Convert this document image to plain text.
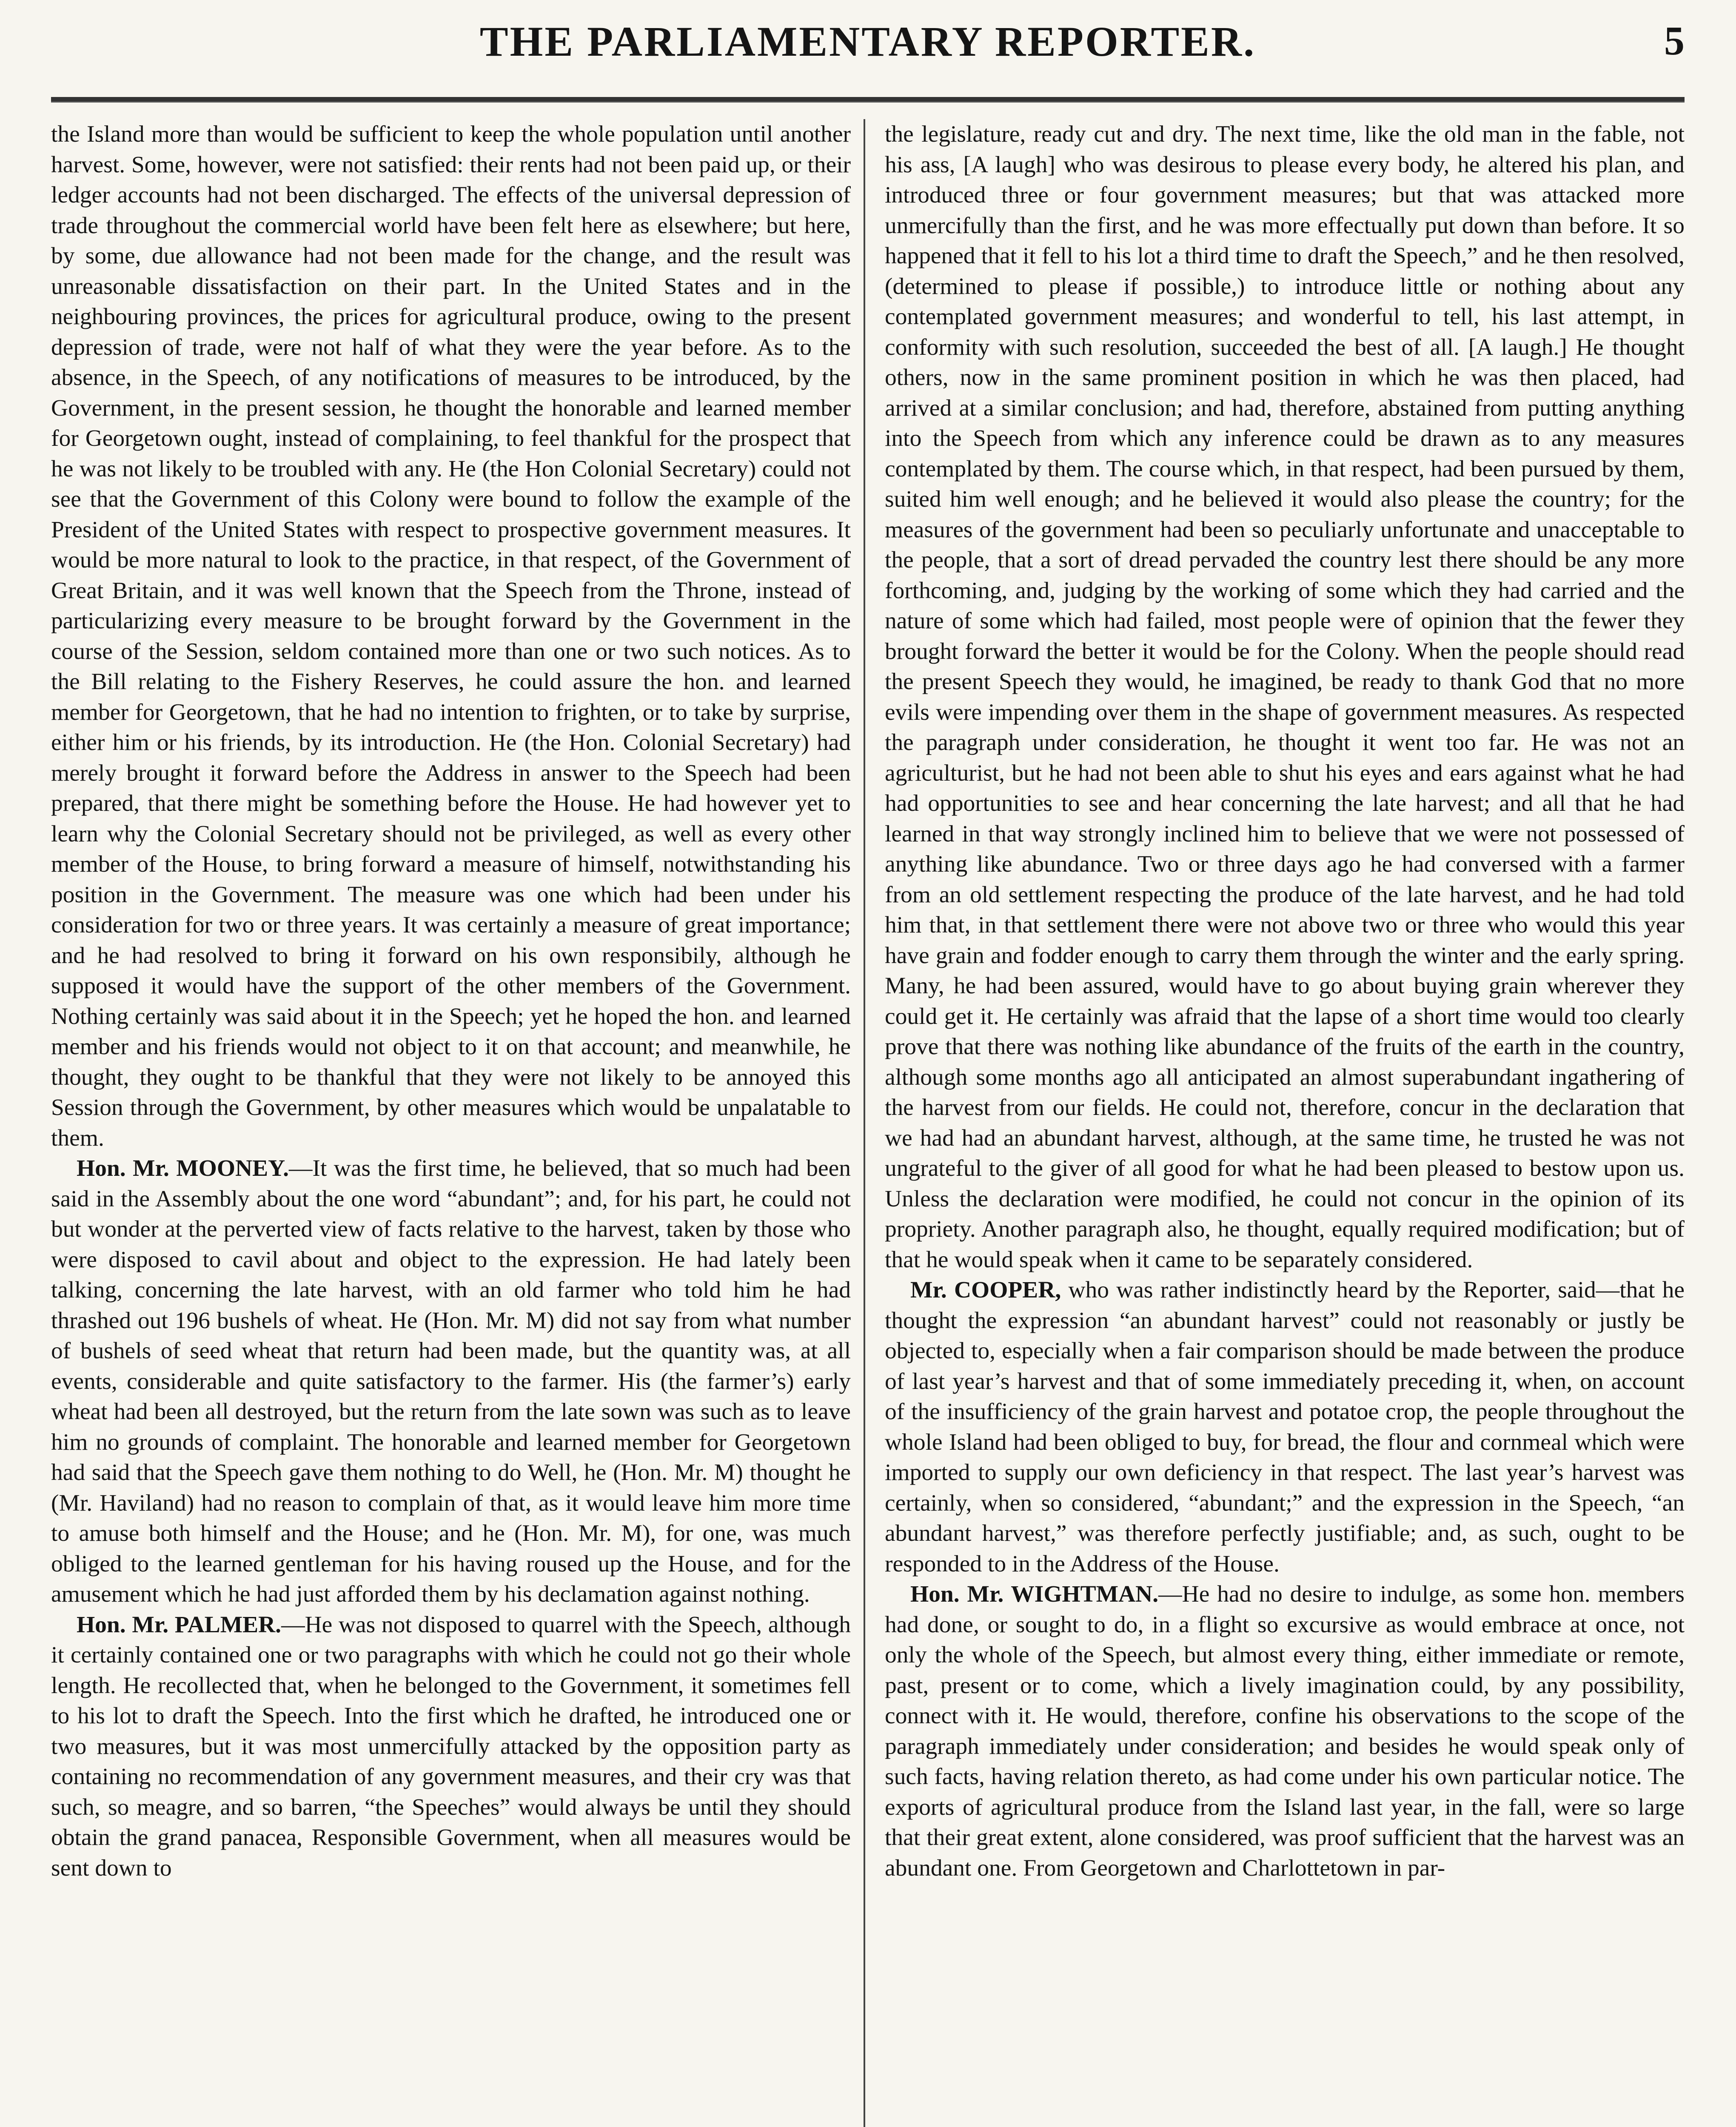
THE PARLIAMENTARY REPORTER.	5

the Island more than would be sufficient to keep the whole population until another harvest. Some, however, were not satisfied: their rents had not been paid up, or their ledger accounts had not been discharged. The effects of the universal depression of trade throughout the commercial world have been felt here as elsewhere; but here, by some, due allowance had not been made for the change, and the result was unreasonable dissatisfaction on their part. In the United States and in the neighbouring provinces, the prices for agricultural produce, owing to the present depression of trade, were not half of what they were the year before. As to the absence, in the Speech, of any notifications of measures to be introduced, by the Government, in the present session, he thought the honorable and learned member for Georgetown ought, instead of complaining, to feel thankful for the prospect that he was not likely to be troubled with any. He (the Hon Colonial Secretary) could not see that the Government of this Colony were bound to follow the example of the President of the United States with respect to prospective government measures. It would be more natural to look to the practice, in that respect, of the Government of Great Britain, and it was well known that the Speech from the Throne, instead of particularizing every measure to be brought forward by the Government in the course of the Session, seldom contained more than one or two such notices. As to the Bill relating to the Fishery Reserves, he could assure the hon. and learned member for Georgetown, that he had no intention to frighten, or to take by surprise, either him or his friends, by its introduction. He (the Hon. Colonial Secretary) had merely brought it forward before the Address in answer to the Speech had been prepared, that there might be something before the House. He had however yet to learn why the Colonial Secretary should not be privileged, as well as every other member of the House, to bring forward a measure of himself, notwithstanding his position in the Government. The measure was one which had been under his consideration for two or three years. It was certainly a measure of great importance; and he had resolved to bring it forward on his own responsibily, although he supposed it would have the support of the other members of the Government. Nothing certainly was said about it in the Speech; yet he hoped the hon. and learned member and his friends would not object to it on that account; and meanwhile, he thought, they ought to be thankful that they were not likely to be annoyed this Session through the Government, by other measures which would be unpalatable to them.

Hon. Mr. MOONEY.—It was the first time, he believed, that so much had been said in the Assembly about the one word “abundant”; and, for his part, he could not but wonder at the perverted view of facts relative to the harvest, taken by those who were disposed to cavil about and object to the expression. He had lately been talking, concerning the late harvest, with an old farmer who told him he had thrashed out 196 bushels of wheat. He (Hon. Mr. M) did not say from what number of bushels of seed wheat that return had been made, but the quantity was, at all events, considerable and quite satisfactory to the farmer. His (the farmer’s) early wheat had been all destroyed, but the return from the late sown was such as to leave him no grounds of complaint. The honorable and learned member for Georgetown had said that the Speech gave them nothing to do Well, he (Hon. Mr. M) thought he (Mr. Haviland) had no reason to complain of that, as it would leave him more time to amuse both himself and the House; and he (Hon. Mr. M), for one, was much obliged to the learned gentleman for his having roused up the House, and for the amusement which he had just afforded them by his declamation against nothing.

Hon. Mr. PALMER.—He was not disposed to quarrel with the Speech, although it certainly contained one or two paragraphs with which he could not go their whole length. He recollected that, when he belonged to the Government, it sometimes fell to his lot to draft the Speech. Into the first which he drafted, he introduced one or two measures, but it was most unmercifully attacked by the opposition party as containing no recommendation of any government measures, and their cry was that such, so meagre, and so barren, “the Speeches” would always be until they should obtain the grand panacea, Responsible Government, when all measures would be sent down to

the legislature, ready cut and dry. The next time, like the old man in the fable, not his ass, [A laugh] who was desirous to please every body, he altered his plan, and introduced three or four government measures; but that was attacked more unmercifully than the first, and he was more effectually put down than before. It so happened that it fell to his lot a third time to draft the Speech,” and he then resolved, (determined to please if possible,) to introduce little or nothing about any contemplated government measures; and wonderful to tell, his last attempt, in conformity with such resolution, succeeded the best of all. [A laugh.] He thought others, now in the same prominent position in which he was then placed, had arrived at a similar conclusion; and had, therefore, abstained from putting anything into the Speech from which any inference could be drawn as to any measures contemplated by them. The course which, in that respect, had been pursued by them, suited him well enough; and he believed it would also please the country; for the measures of the government had been so peculiarly unfortunate and unacceptable to the people, that a sort of dread pervaded the country lest there should be any more forthcoming, and, judging by the working of some which they had carried and the nature of some which had failed, most people were of opinion that the fewer they brought forward the better it would be for the Colony. When the people should read the present Speech they would, he imagined, be ready to thank God that no more evils were impending over them in the shape of government measures. As respected the paragraph under consideration, he thought it went too far. He was not an agriculturist, but he had not been able to shut his eyes and ears against what he had had opportunities to see and hear concerning the late harvest; and all that he had learned in that way strongly inclined him to believe that we were not possessed of anything like abundance. Two or three days ago he had conversed with a farmer from an old settlement respecting the produce of the late harvest, and he had told him that, in that settlement there were not above two or three who would this year have grain and fodder enough to carry them through the winter and the early spring. Many, he had been assured, would have to go about buying grain wherever they could get it. He certainly was afraid that the lapse of a short time would too clearly prove that there was nothing like abundance of the fruits of the earth in the country, although some months ago all anticipated an almost superabundant ingathering of the harvest from our fields. He could not, therefore, concur in the declaration that we had had an abundant harvest, although, at the same time, he trusted he was not ungrateful to the giver of all good for what he had been pleased to bestow upon us. Unless the declaration were modified, he could not concur in the opinion of its propriety. Another paragraph also, he thought, equally required modification; but of that he would speak when it came to be separately considered.

Mr. COOPER, who was rather indistinctly heard by the Reporter, said—that he thought the expression “an abundant harvest” could not reasonably or justly be objected to, especially when a fair comparison should be made between the produce of last year’s harvest and that of some immediately preceding it, when, on account of the insufficiency of the grain harvest and potatoe crop, the people throughout the whole Island had been obliged to buy, for bread, the flour and cornmeal which were imported to supply our own deficiency in that respect. The last year’s harvest was certainly, when so considered, “abundant;” and the expression in the Speech, “an abundant harvest,” was therefore perfectly justifiable; and, as such, ought to be responded to in the Address of the House.

Hon. Mr. WIGHTMAN.—He had no desire to indulge, as some hon. members had done, or sought to do, in a flight so excursive as would embrace at once, not only the whole of the Speech, but almost every thing, either immediate or remote, past, present or to come, which a lively imagination could, by any possibility, connect with it. He would, therefore, confine his observations to the scope of the paragraph immediately under consideration; and besides he would speak only of such facts, having relation thereto, as had come under his own particular notice. The exports of agricultural produce from the Island last year, in the fall, were so large that their great extent, alone considered, was proof sufficient that the harvest was an abundant one. From Georgetown and Charlottetown in par-
